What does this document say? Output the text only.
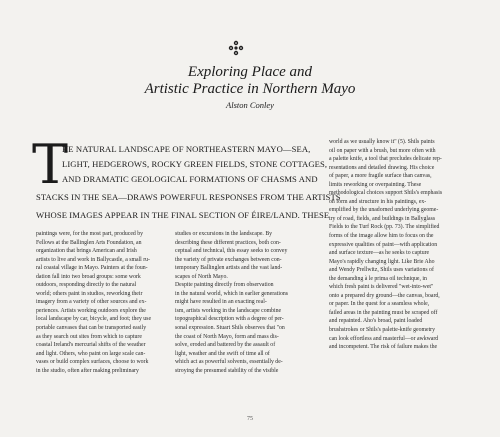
Exploring Place and
Artistic Practice in Northern Mayo
Alston Conley
T
HE NATURAL LANDSCAPE OF NORTHEASTERN MAYO—SEA,
LIGHT, HEDGEROWS, ROCKY GREEN FIELDS, STONE COTTAGES,
AND DRAMATIC GEOLOGICAL FORMATIONS OF CHASMS AND
STACKS IN THE SEA—DRAWS POWERFUL RESPONSES FROM THE ARTISTS
WHOSE IMAGES APPEAR IN THE FINAL SECTION OF ÉIRE/LAND. THESE
paintings were, for the most part, produced by
Fellows at the Ballinglen Arts Foundation, an
organization that brings American and Irish
artists to live and work in Ballycastle, a small ru-
ral coastal village in Mayo. Painters at the foun-
dation fall into two broad groups: some work
outdoors, responding directly to the natural
world; others paint in studios, reworking their
imagery from a variety of other sources and ex-
periences. Artists working outdoors explore the
local landscape by car, bicycle, and foot; they use
portable canvases that can be transported easily
as they search out sites from which to capture
coastal Ireland's mercurial shifts of the weather
and light. Others, who paint on large scale can-
vases or build complex surfaces, choose to work
in the studio, often after making preliminary
studies or excursions in the landscape. By
describing these different practices, both con-
ceptual and technical, this essay seeks to convey
the variety of private exchanges between con-
temporary Ballinglen artists and the vast land-
scapes of North Mayo.
Despite painting directly from observation
in the natural world, which in earlier generations
might have resulted in an exacting real-
ism, artists working in the landscape combine
topographical description with a degree of per-
sonal expression. Stuart Shils observes that "on
the coast of North Mayo, form and mass dis-
solve, eroded and battered by the assault of
light, weather and the swift of time all of
which act as powerful solvents, essentially de-
stroying the presumed stability of the visible
world as we usually know it" (5). Shils paints
oil on paper with a brush, but more often with
a palette knife, a tool that precludes delicate rep-
resentations and detailed drawing. His choice
of paper, a more fragile surface than canvas,
limits reworking or overpainting. These
methodological choices support Shils's emphasis
on form and structure in his paintings, ex-
emplified by the unadorned underlying geome-
try of road, fields, and buildings in Ballyglass
Fields to the Turf Rock (pp. 73). The simplified
forms of the image allow him to focus on the
expressive qualities of paint—with application
and surface texture—as he seeks to capture
Mayo's rapidly changing light. Like Brie Aho
and Wendy Prellwitz, Shils uses variations of
the demanding à le prima oil technique, in
which fresh paint is delivered "wet-into-wet"
onto a prepared dry ground—the canvas, board,
or paper. In the quest for a seamless whole,
failed areas in the painting must be scraped off
and repainted. Aho's broad, paint loaded
brushstrokes or Shils's palette-knife geometry
can look effortless and masterful—or awkward
and incompetent. The risk of failure makes the
75
